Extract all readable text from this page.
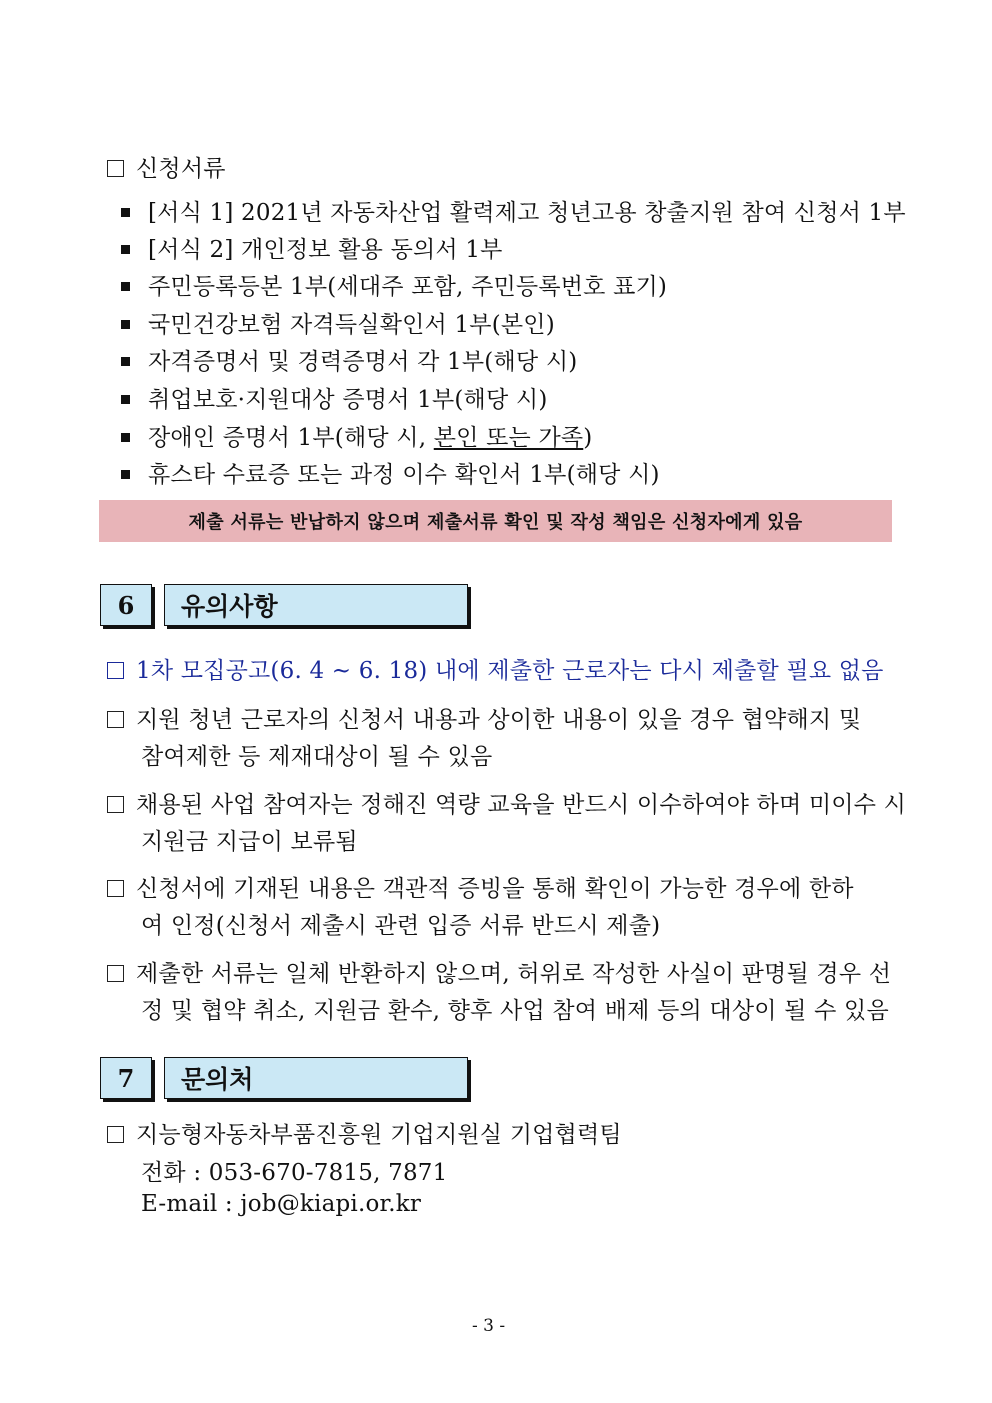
신청서류
[서식 1] 2021년 자동차산업 활력제고 청년고용 창출지원 참여 신청서 1부
[서식 2] 개인정보 활용 동의서 1부
주민등록등본 1부(세대주 포함, 주민등록번호 표기)
국민건강보험 자격득실확인서 1부(본인)
자격증명서 및 경력증명서 각 1부(해당 시)
취업보호·지원대상 증명서 1부(해당 시)
장애인 증명서 1부(해당 시, 본인 또는 가족)
휴스타 수료증 또는 과정 이수 확인서 1부(해당 시)
제출 서류는 반납하지 않으며 제출서류 확인 및 작성 책임은 신청자에게 있음
6	유의사항
1차 모집공고(6. 4 ~ 6. 18) 내에 제출한 근로자는 다시 제출할 필요 없음
지원 청년 근로자의 신청서 내용과 상이한 내용이 있을 경우 협약해지 및
참여제한 등 제재대상이 될 수 있음
채용된 사업 참여자는 정해진 역량 교육을 반드시 이수하여야 하며 미이수 시
지원금 지급이 보류됨
신청서에 기재된 내용은 객관적 증빙을 통해 확인이 가능한 경우에 한하
여 인정(신청서 제출시 관련 입증 서류 반드시 제출)
제출한 서류는 일체 반환하지 않으며, 허위로 작성한 사실이 판명될 경우 선
정 및 협약 취소, 지원금 환수, 향후 사업 참여 배제 등의 대상이 될 수 있음
7	문의처
지능형자동차부품진흥원 기업지원실 기업협력팀
전화 : 053-670-7815, 7871
E-mail : job@kiapi.or.kr
- 3 -
